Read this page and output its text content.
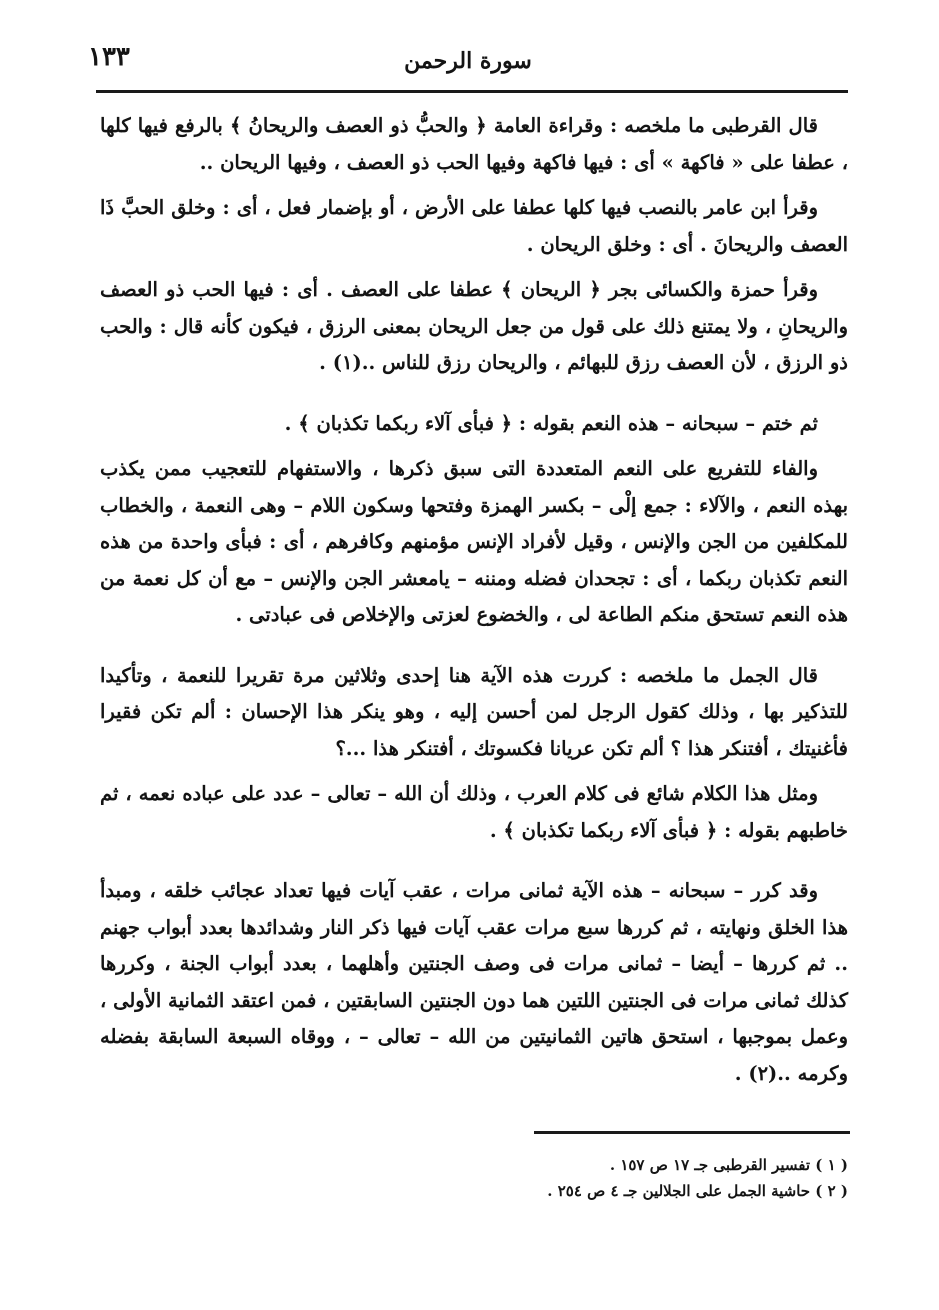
١٣٣	سورة الرحمن

قال القرطبى ما ملخصه : وقراءة العامة ﴿ والحبُّ ذو العصف والريحانُ ﴾ بالرفع فيها كلها ، عطفا على « فاكهة » أى : فيها فاكهة وفيها الحب ذو العصف ، وفيها الريحان ..

وقرأ ابن عامر بالنصب فيها كلها عطفا على الأرض ، أو بإضمار فعل ، أى : وخلق الحبَّ ذَا العصف والريحانَ . أى : وخلق الريحان .

وقرأ حمزة والكسائى بجر ﴿ الريحان ﴾ عطفا على العصف . أى : فيها الحب ذو العصف والريحانِ ، ولا يمتنع ذلك على قول من جعل الريحان بمعنى الرزق ، فيكون كأنه قال : والحب ذو الرزق ، لأن العصف رزق للبهائم ، والريحان رزق للناس ..(١) .

ثم ختم – سبحانه – هذه النعم بقوله : ﴿ فبأى آلاء ربكما تكذبان ﴾ .

والفاء للتفريع على النعم المتعددة التى سبق ذكرها ، والاستفهام للتعجيب ممن يكذب بهذه النعم ، والآلاء : جمع إلْى – بكسر الهمزة وفتحها وسكون اللام – وهى النعمة ، والخطاب للمكلفين من الجن والإنس ، وقيل لأفراد الإنس مؤمنهم وكافرهم ، أى : فبأى واحدة من هذه النعم تكذبان ربكما ، أى : تجحدان فضله ومننه – يامعشر الجن والإنس – مع أن كل نعمة من هذه النعم تستحق منكم الطاعة لى ، والخضوع لعزتى والإخلاص فى عبادتى .

قال الجمل ما ملخصه : كررت هذه الآية هنا إحدى وثلاثين مرة تقريرا للنعمة ، وتأكيدا للتذكير بها ، وذلك كقول الرجل لمن أحسن إليه ، وهو ينكر هذا الإحسان : ألم تكن فقيرا فأغنيتك ، أفتنكر هذا ؟ ألم تكن عريانا فكسوتك ، أفتنكر هذا ...؟

ومثل هذا الكلام شائع فى كلام العرب ، وذلك أن الله – تعالى – عدد على عباده نعمه ، ثم خاطبهم بقوله : ﴿ فبأى آلاء ربكما تكذبان ﴾ .

وقد كرر – سبحانه – هذه الآية ثمانى مرات ، عقب آيات فيها تعداد عجائب خلقه ، ومبدأ هذا الخلق ونهايته ، ثم كررها سبع مرات عقب آيات فيها ذكر النار وشدائدها بعدد أبواب جهنم .. ثم كررها – أيضا – ثمانى مرات فى وصف الجنتين وأهلهما ، بعدد أبواب الجنة ، وكررها كذلك ثمانى مرات فى الجنتين اللتين هما دون الجنتين السابقتين ، فمن اعتقد الثمانية الأولى ، وعمل بموجبها ، استحق هاتين الثمانيتين من الله – تعالى – ، ووقاه السبعة السابقة بفضله وكرمه ..(٢) .

( ١ ) تفسير القرطبى جـ ١٧ ص ١٥٧ .
( ٢ ) حاشية الجمل على الجلالين جـ ٤ ص ٢٥٤ .
